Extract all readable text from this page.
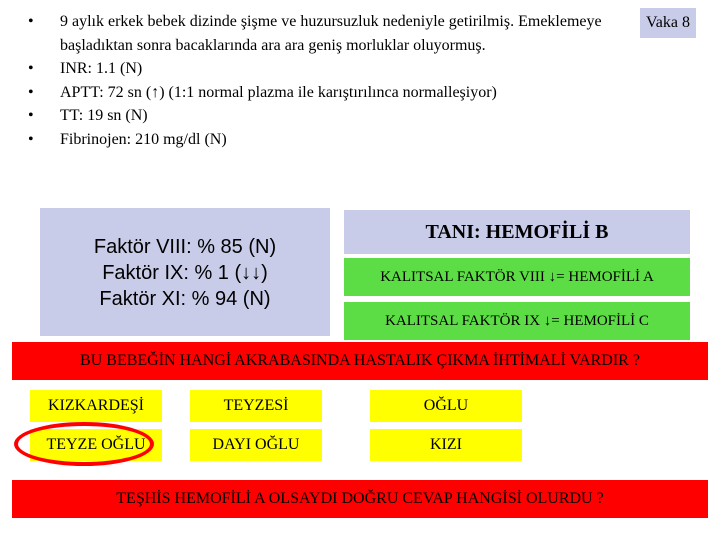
• 9 aylık erkek bebek dizinde şişme ve huzursuzluk nedeniyle getirilmiş. Emeklemeye başladıktan sonra bacaklarında ara ara geniş morluklar oluyormuş.
• INR: 1.1 (N)
• APTT: 72 sn (↑) (1:1 normal plazma ile karıştırılınca normalleşiyor)
• TT: 19 sn (N)
• Fibrinojen: 210 mg/dl (N)
Vaka 8
Faktör VIII: % 85 (N)
Faktör IX: % 1 (↓↓)
Faktör XI: % 94 (N)
TANI: HEMOFİLİ B
KALITSAL FAKTÖR VIII ↓= HEMOFİLİ A
KALITSAL FAKTÖR IX ↓= HEMOFİLİ C
BU BEBEĞİN HANGİ AKRABASINDA HASTALIK ÇIKMA İHTİMALİ VARDIR ?
KIZKARDEŞİ	TEYZESİ	OĞLU
TEYZE OĞLU	DAYI OĞLU	KIZI
TEŞHİS HEMOFİLİ A OLSAYDI DOĞRU CEVAP HANGİSİ OLURDU ?
